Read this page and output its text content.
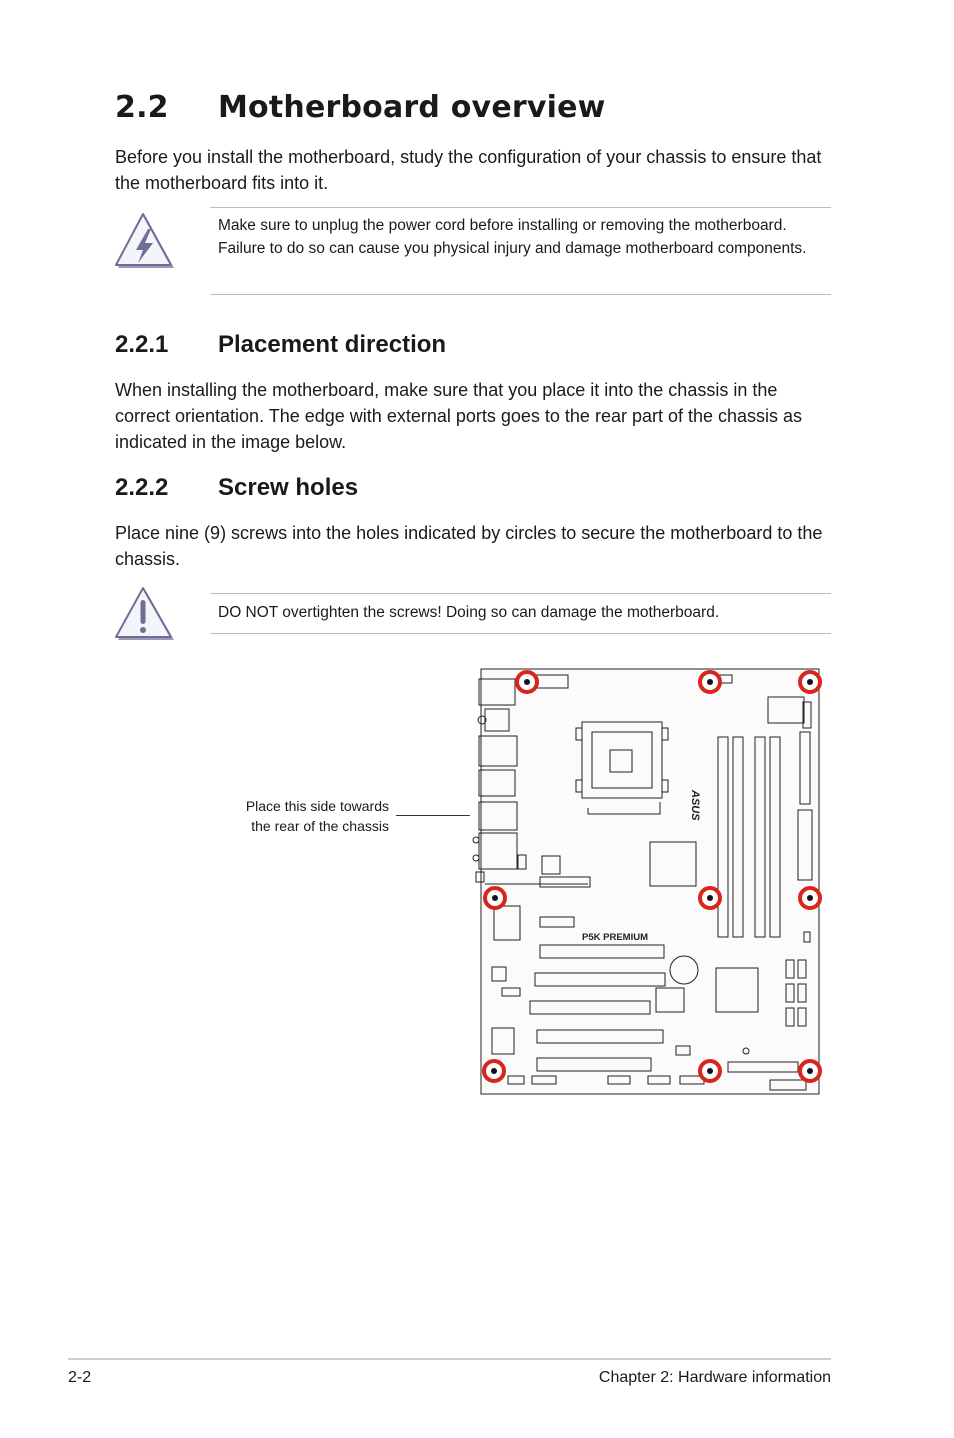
2.2 Motherboard overview
Before you install the motherboard, study the configuration of your chassis to ensure that the motherboard fits into it.
Make sure to unplug the power cord before installing or removing the motherboard. Failure to do so can cause you physical injury and damage motherboard components.
2.2.1 Placement direction
When installing the motherboard, make sure that you place it into the chassis in the correct orientation. The edge with external ports goes to the rear part of the chassis as indicated in the image below.
2.2.2 Screw holes
Place nine (9) screws into the holes indicated by circles to secure the motherboard to the chassis.
DO NOT overtighten the screws! Doing so can damage the motherboard.
Place this side towards
the rear of the chassis
P5K PREMIUM
ASUS
2-2	Chapter 2: Hardware information
